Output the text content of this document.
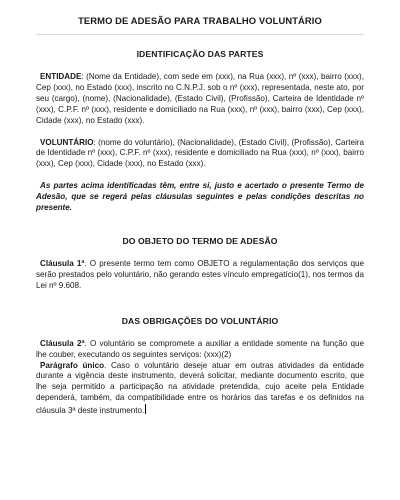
TERMO DE ADESÃO PARA TRABALHO VOLUNTÁRIO
IDENTIFICAÇÃO DAS PARTES

ENTIDADE: (Nome da Entidade), com sede em (xxx), na Rua (xxx), nº (xxx), bairro (xxx), Cep (xxx), no Estado (xxx), inscrito no C.N.P.J. sob o nº (xxx), representada, neste ato, por seu (cargo), (nome), (Nacionalidade), (Estado Civil), (Profissão), Carteira de Identidade nº (xxx), C.P.F. nº (xxx), residente e domiciliado na Rua (xxx), nº (xxx), bairro (xxx), Cep (xxx), Cidade (xxx), no Estado (xxx).

VOLUNTÁRIO: (nome do voluntário), (Nacionalidade), (Estado Civil), (Profissão), Carteira de Identidade nº (xxx), C.P.F. nº (xxx), residente e domiciliado na Rua (xxx), nº (xxx), bairro (xxx), Cep (xxx), Cidade (xxx), no Estado (xxx).

As partes acima identificadas têm, entre si, justo e acertado o presente Termo de Adesão, que se regerá pelas cláusulas seguintes e pelas condições descritas no presente.

DO OBJETO DO TERMO DE ADESÃO

Cláusula 1ª. O presente termo tem como OBJETO a regulamentação dos serviços que serão prestados pelo voluntário, não gerando estes vínculo empregatício(1), nos termos da Lei nº 9.608.

DAS OBRIGAÇÕES DO VOLUNTÁRIO

Cláusula 2ª. O voluntário se compromete a auxiliar a entidade somente na função que lhe couber, executando os seguintes serviços: (xxx)(2)

Parágrafo único. Caso o voluntário deseje atuar em outras atividades da entidade durante a vigência deste instrumento, deverá solicitar, mediante documento escrito, que lhe seja permitido a participação na atividade pretendida, cujo aceite pela Entidade dependerá, também, da compatibilidade entre os horários das tarefas e os definidos na cláusula 3ª deste instrumento.
